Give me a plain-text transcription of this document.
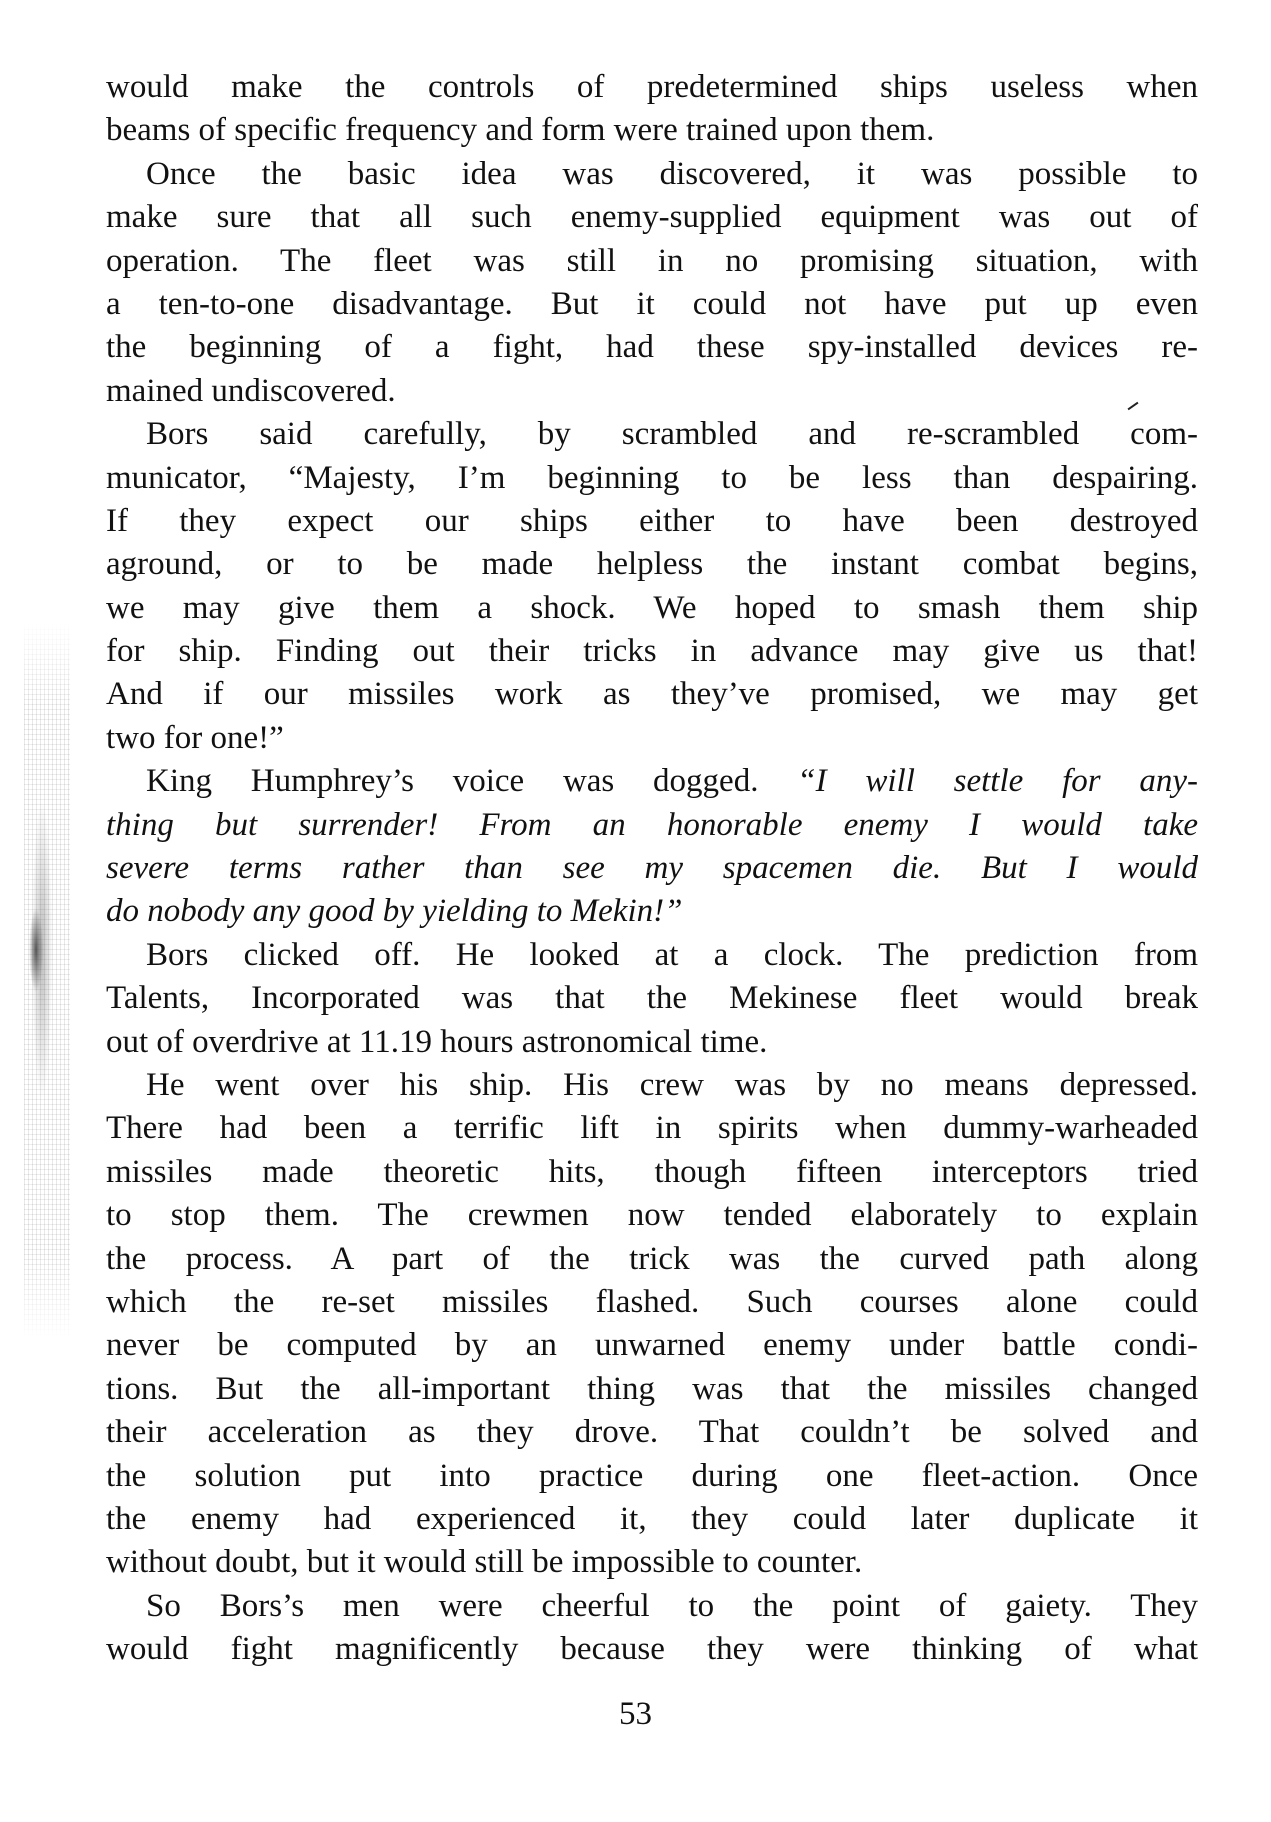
would make the controls of predetermined ships useless when
beams of specific frequency and form were trained upon them.
Once the basic idea was discovered, it was possible to
make sure that all such enemy-supplied equipment was out of
operation. The fleet was still in no promising situation, with
a ten-to-one disadvantage. But it could not have put up even
the beginning of a fight, had these spy-installed devices re-
mained undiscovered.
Bors said carefully, by scrambled and re-scrambled com-
municator, “Majesty, I’m beginning to be less than despairing.
If they expect our ships either to have been destroyed
aground, or to be made helpless the instant combat begins,
we may give them a shock. We hoped to smash them ship
for ship. Finding out their tricks in advance may give us that!
And if our missiles work as they’ve promised, we may get
two for one!”
King Humphrey’s voice was dogged. “I will settle for any-
thing but surrender! From an honorable enemy I would take
severe terms rather than see my spacemen die. But I would
do nobody any good by yielding to Mekin!”
Bors clicked off. He looked at a clock. The prediction from
Talents, Incorporated was that the Mekinese fleet would break
out of overdrive at 11.19 hours astronomical time.
He went over his ship. His crew was by no means depressed.
There had been a terrific lift in spirits when dummy-warheaded
missiles made theoretic hits, though fifteen interceptors tried
to stop them. The crewmen now tended elaborately to explain
the process. A part of the trick was the curved path along
which the re-set missiles flashed. Such courses alone could
never be computed by an unwarned enemy under battle condi-
tions. But the all-important thing was that the missiles changed
their acceleration as they drove. That couldn’t be solved and
the solution put into practice during one fleet-action. Once
the enemy had experienced it, they could later duplicate it
without doubt, but it would still be impossible to counter.
So Bors’s men were cheerful to the point of gaiety. They
would fight magnificently because they were thinking of what
53
